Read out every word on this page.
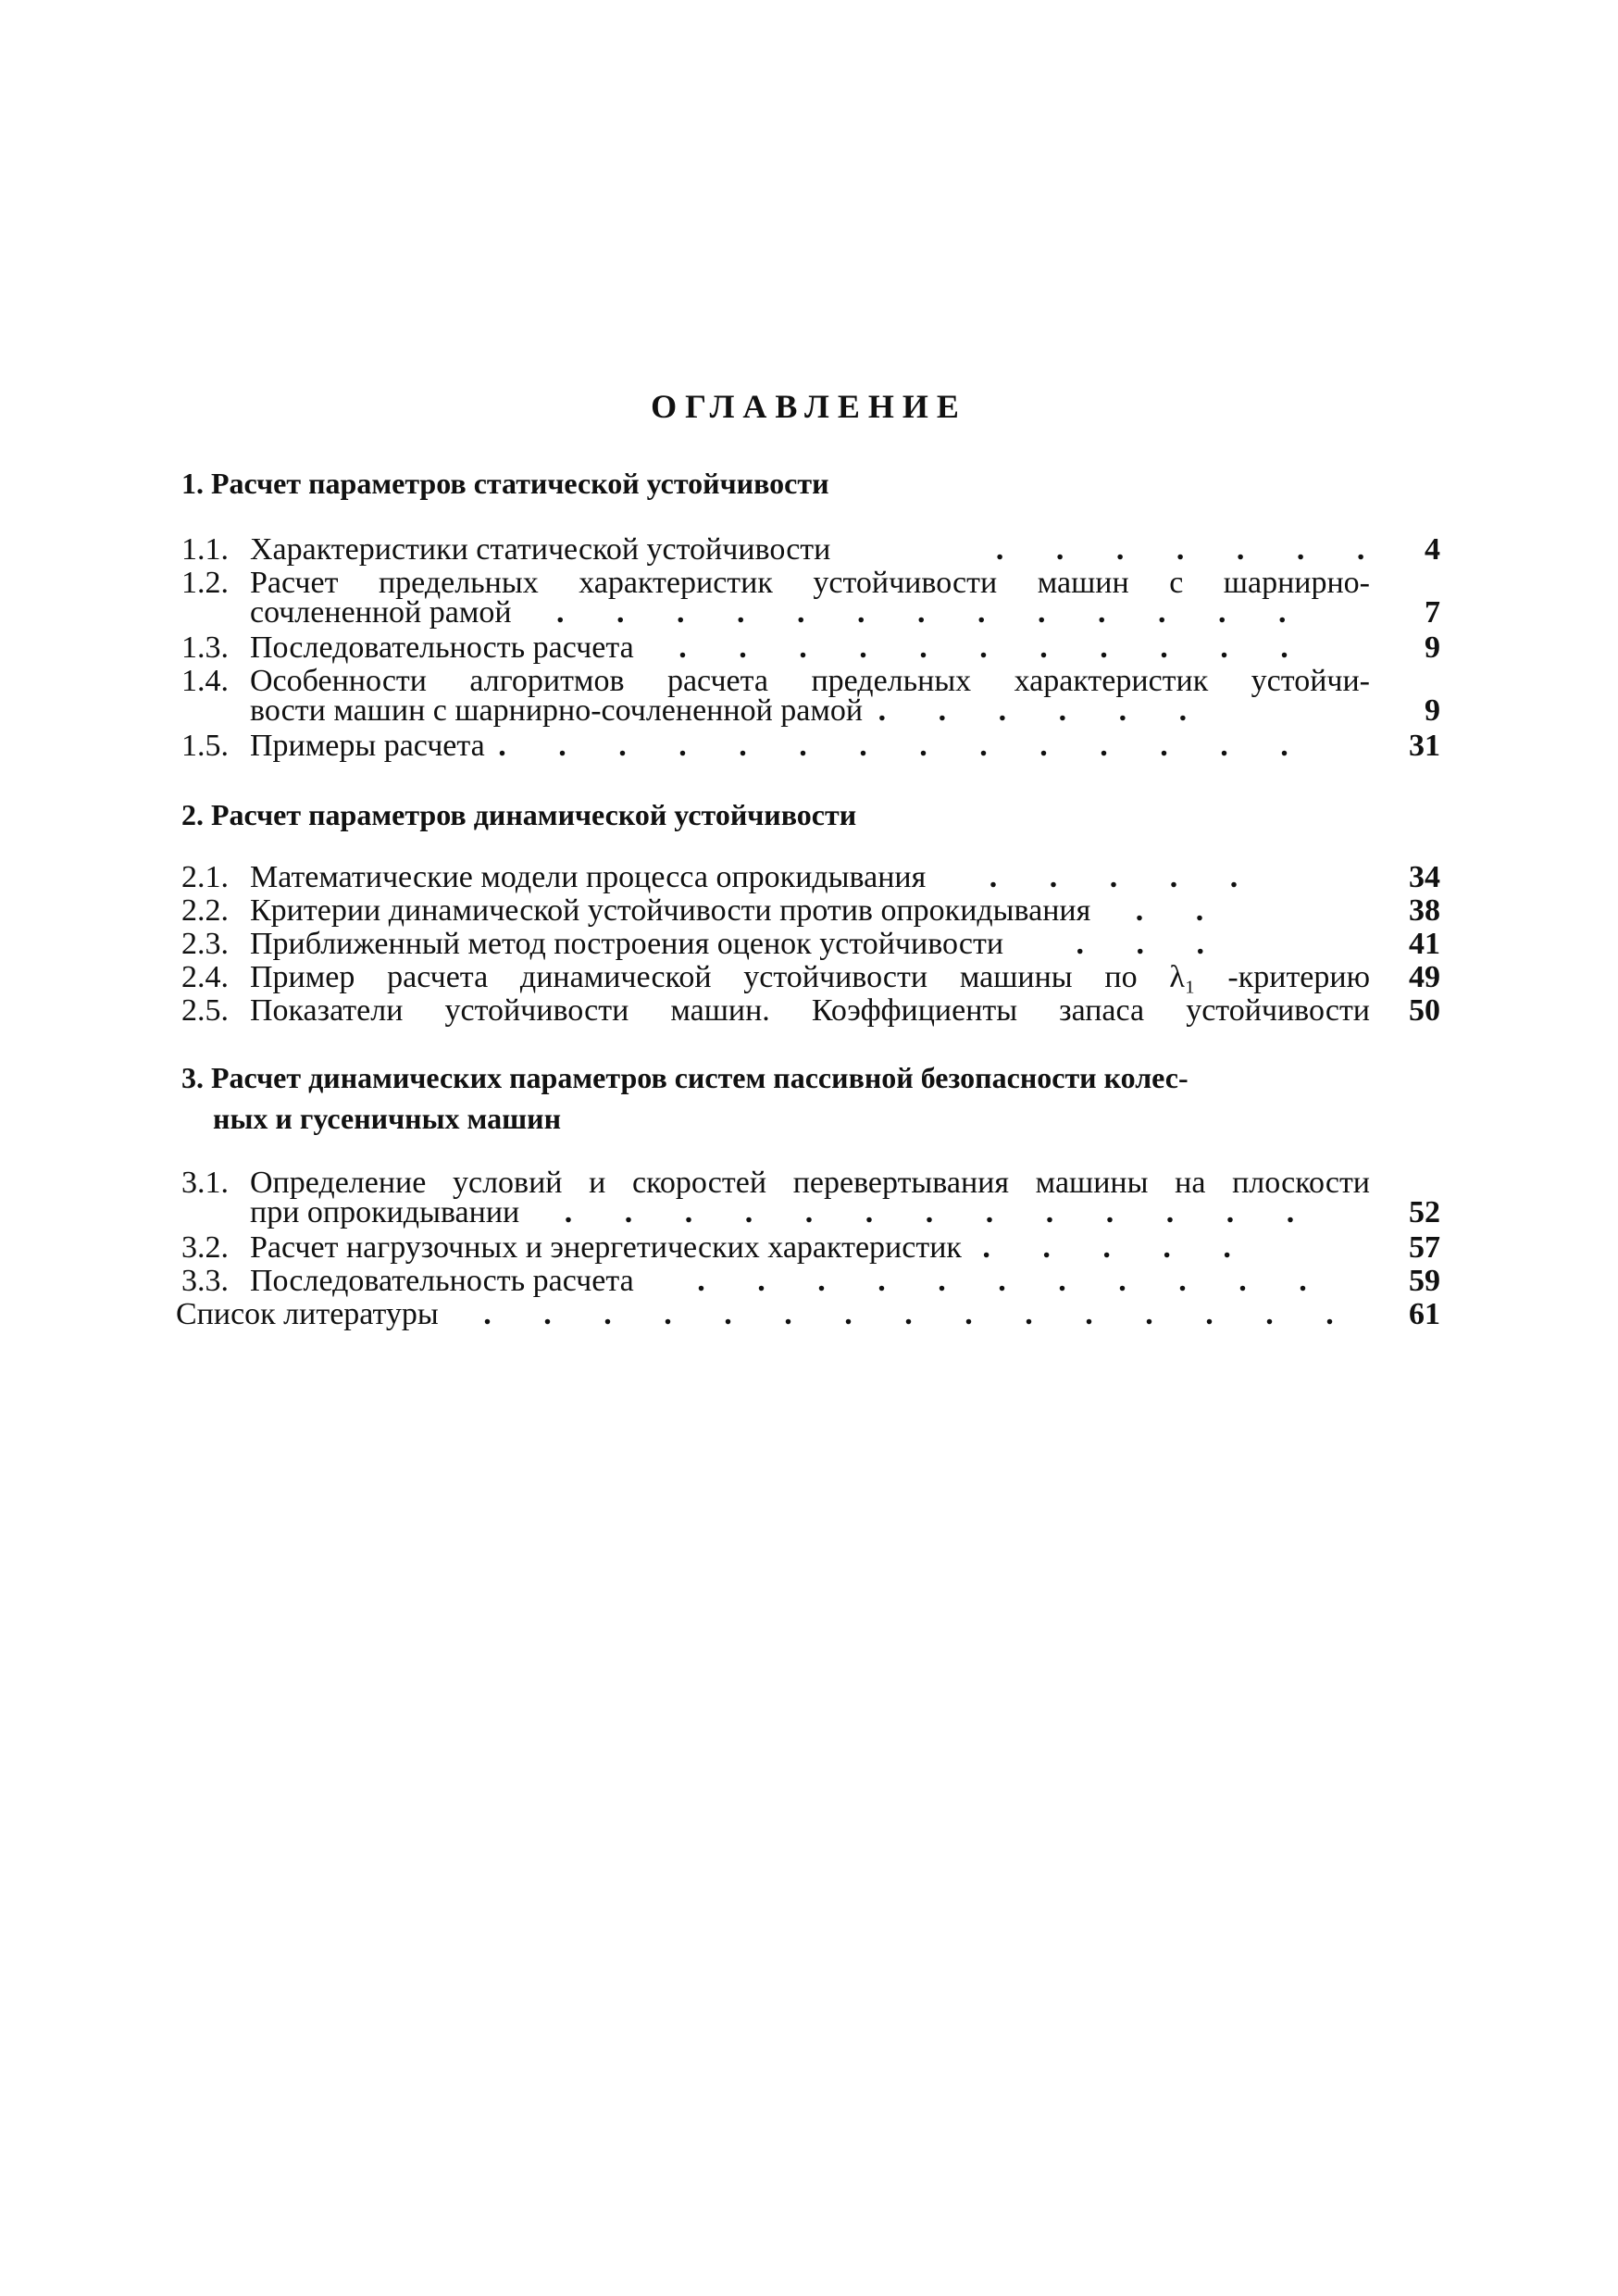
ОГЛАВЛЕНИЕ
1. Расчет параметров статической устойчивости
1.1. Характеристики статической устойчивости	. . . . . . .	4
1.2. Расчет предельных характеристик устойчивости машин с шарнирно-
сочлененной рамой . . . . . . . . . . . . .	7
1.3. Последовательность расчета . . . . . . . . . . .	9
1.4. Особенности алгоритмов расчета предельных характеристик устойчи-
вости машин с шарнирно-сочлененной рамой . . . . . .	9
1.5. Примеры расчета . . . . . . . . . . . . . .	31
2. Расчет параметров динамической устойчивости
2.1. Математические модели процесса опрокидывания . . . . .	34
2.2. Критерии динамической устойчивости против опрокидывания . .	38
2.3. Приближенный метод построения оценок устойчивости . . .	41
2.4. Пример расчета динамической устойчивости машины по λ₁ -критерию	49
2.5. Показатели устойчивости машин. Коэффициенты запаса устойчивости	50
3. Расчет динамических параметров систем пассивной безопасности колес-
ных и гусеничных машин
3.1. Определение условий и скоростей перевертывания машины на плоскости
при опрокидывании . . . . . . . . . . . . .	52
3.2. Расчет нагрузочных и энергетических характеристик . . . . .	57
3.3. Последовательность расчета . . . . . . . . . . .	59
Список литературы . . . . . . . . . . . . . . .	61
